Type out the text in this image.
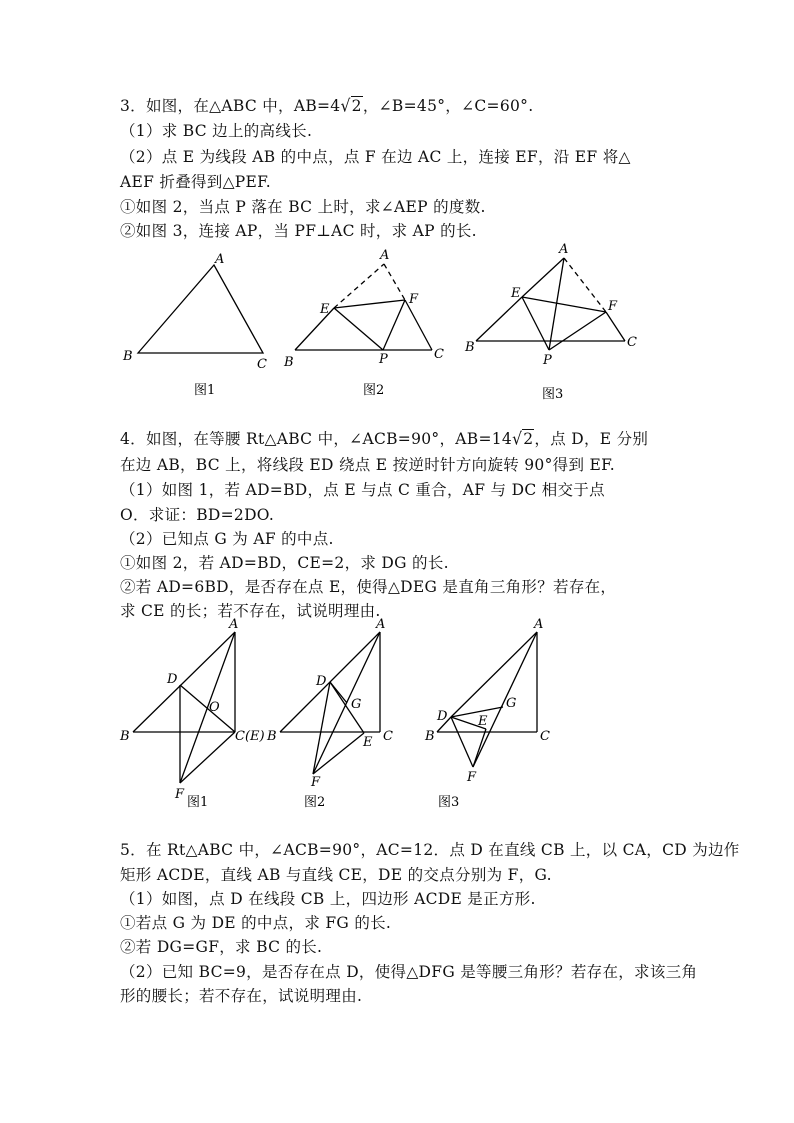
3．如图，在△ABC 中，AB=4√2，∠B=45°，∠C=60°.
（1）求 BC 边上的高线长.
（2）点 E 为线段 AB 的中点，点 F 在边 AC 上，连接 EF，沿 EF 将△
AEF 折叠得到△PEF.
①如图 2，当点 P 落在 BC 上时，求∠AEP 的度数.
②如图 3，连接 AP，当 PF⊥AC 时，求 AP 的长.
A
B
C
图1
A
E
F
B	P	C
图2
A
E
F
B
P
C
图3
4．如图，在等腰 Rt△ABC 中，∠ACB=90°，AB=14√2，点 D，E 分别
在边 AB，BC 上，将线段 ED 绕点 E 按逆时针方向旋转 90°得到 EF.
（1）如图 1，若 AD=BD，点 E 与点 C 重合，AF 与 DC 相交于点
O．求证：BD=2DO.
（2）已知点 G 为 AF 的中点.
①如图 2，若 AD=BD，CE=2，求 DG 的长.
②若 AD=6BD，是否存在点 E，使得△DEG 是直角三角形？若存在，
求 CE 的长；若不存在，试说明理由.
A
D
O
B	C(E)
F
图1
A
D
G
B	E C
F
图2
A
D
G
E
B	C
F
图3
5．在 Rt△ABC 中，∠ACB=90°，AC=12．点 D 在直线 CB 上，以 CA，CD 为边作
矩形 ACDE，直线 AB 与直线 CE，DE 的交点分别为 F，G.
（1）如图，点 D 在线段 CB 上，四边形 ACDE 是正方形.
①若点 G 为 DE 的中点，求 FG 的长.
②若 DG=GF，求 BC 的长.
（2）已知 BC=9，是否存在点 D，使得△DFG 是等腰三角形？若存在，求该三角
形的腰长；若不存在，试说明理由.
